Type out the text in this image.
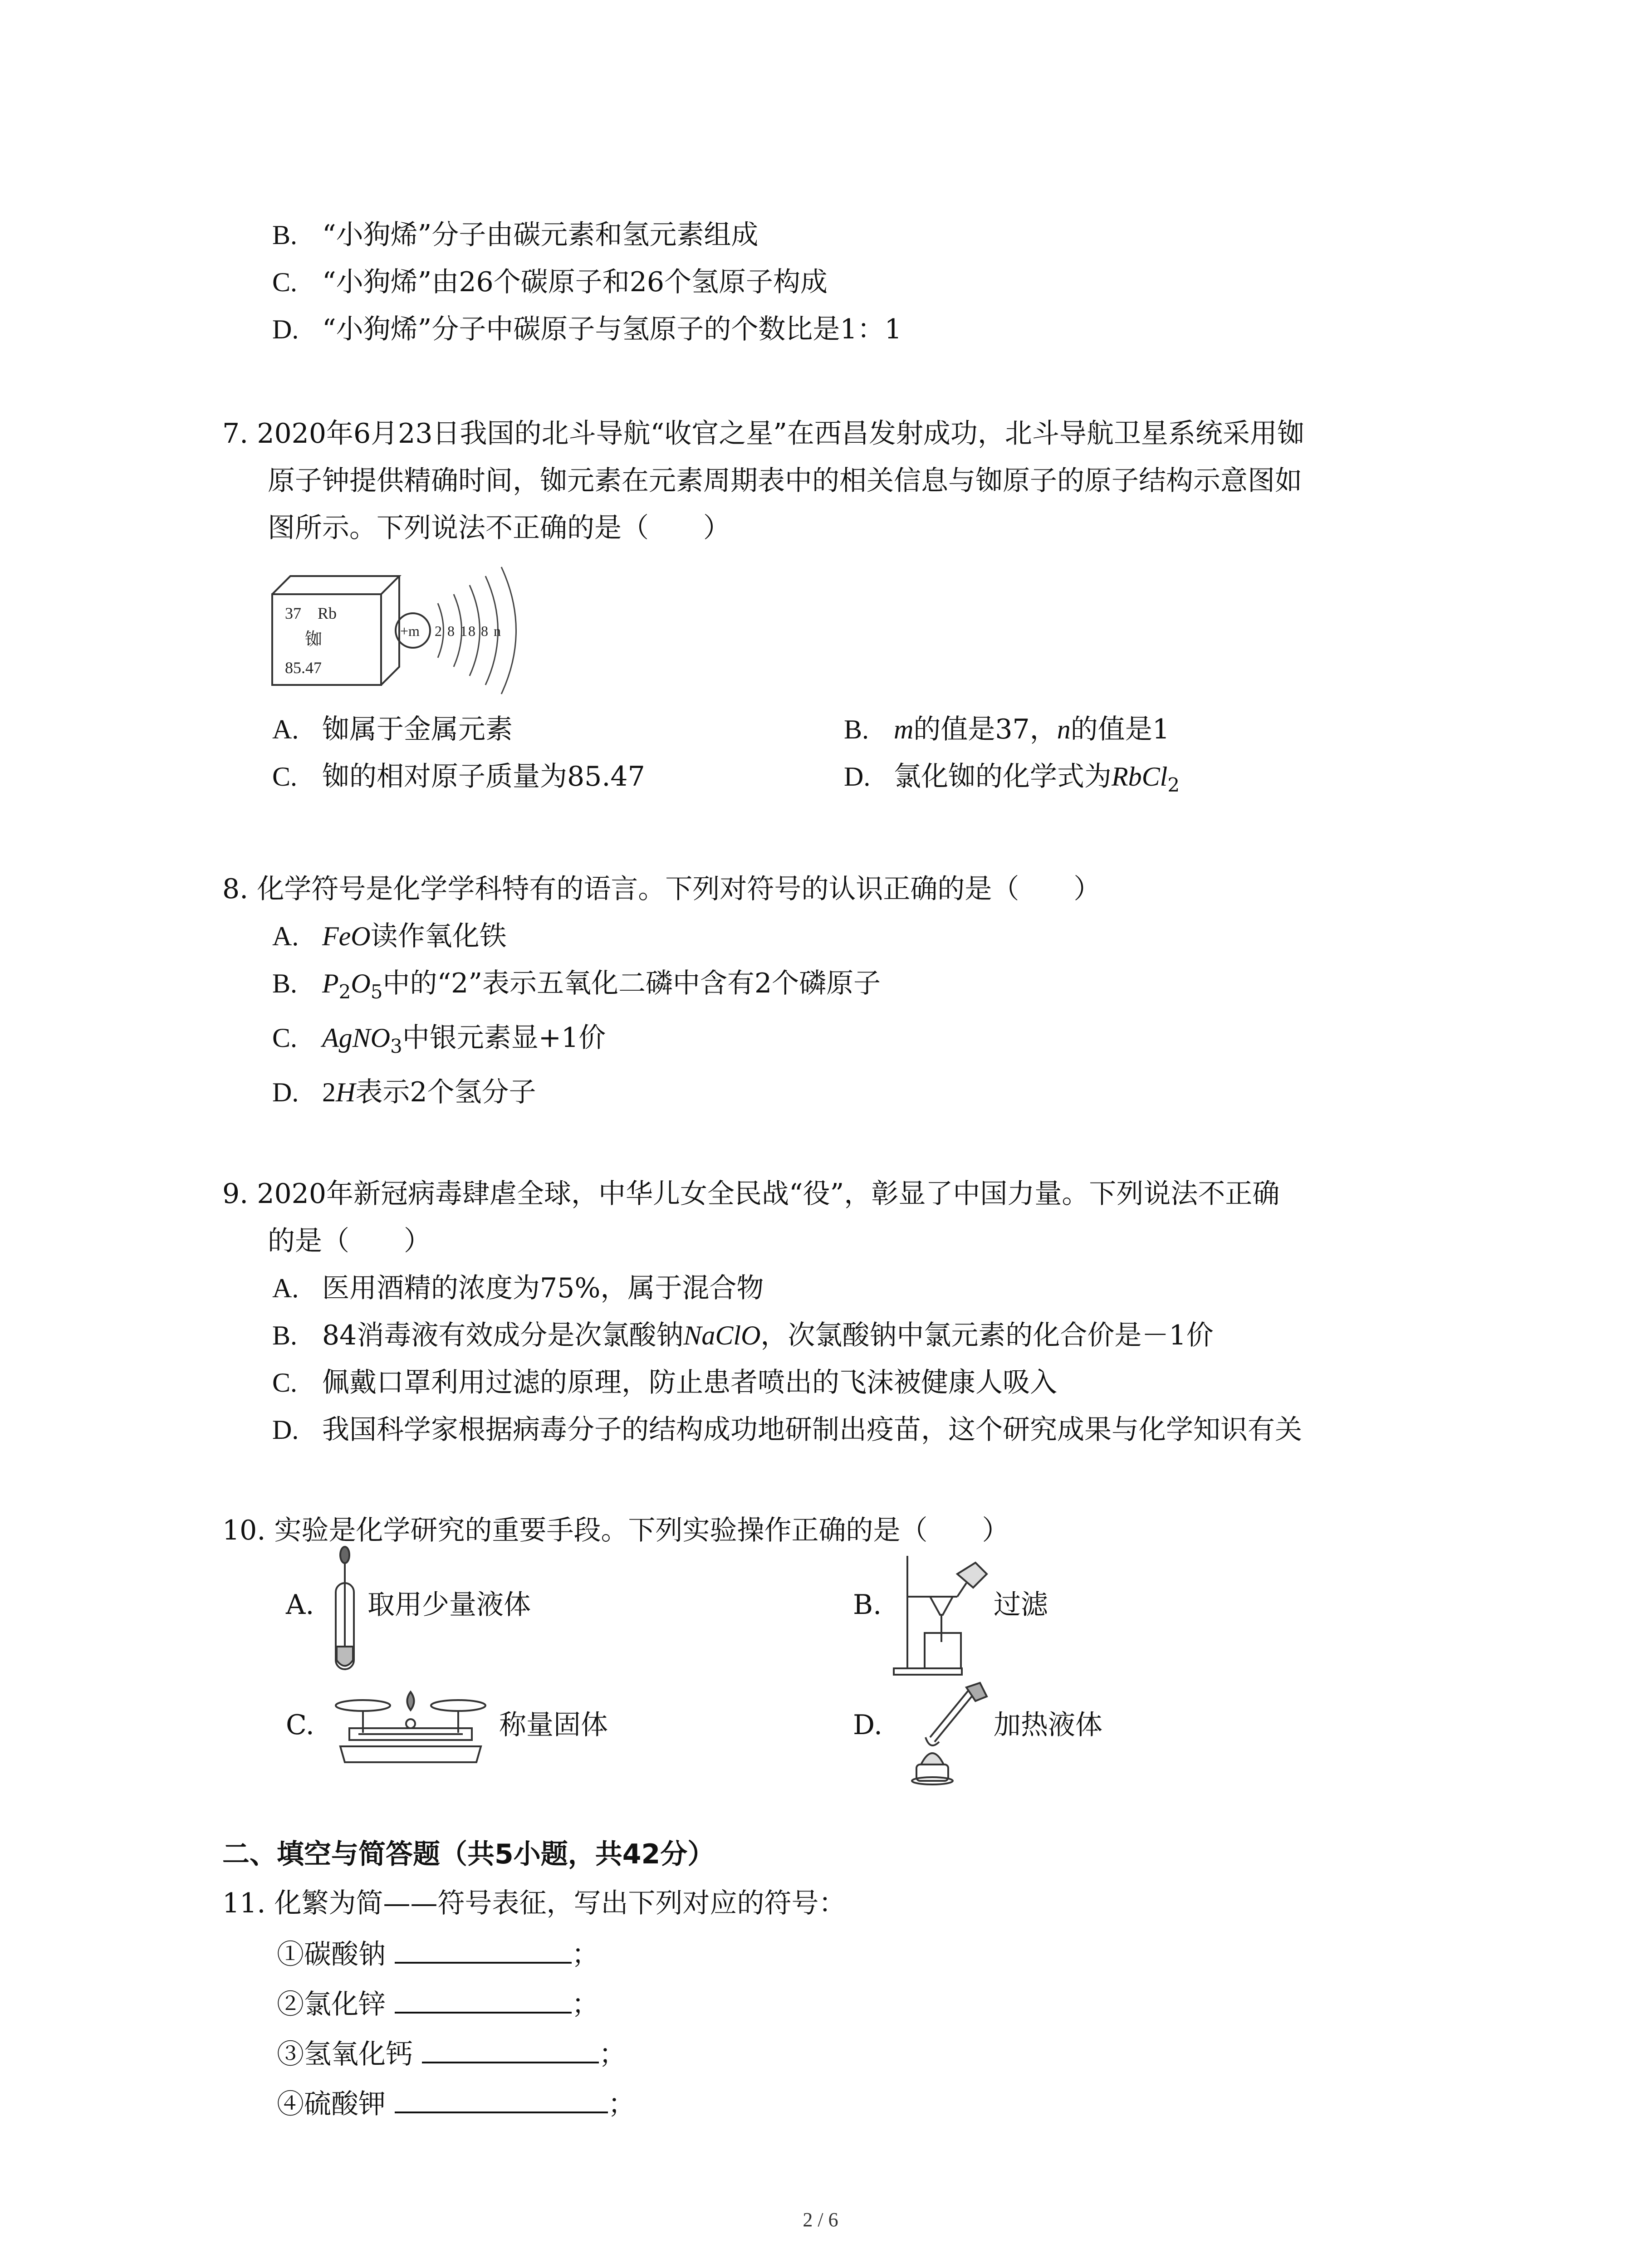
B. “小狗烯”分子由碳元素和氢元素组成
C. “小狗烯”由26个碳原子和26个氢原子构成
D. “小狗烯”分子中碳原子与氢原子的个数比是1：1
7. 2020年6月23日我国的北斗导航“收官之星”在西昌发射成功，北斗导航卫星系统采用铷
原子钟提供精确时间，铷元素在元素周期表中的相关信息与铷原子的原子结构示意图如
图所示。下列说法不正确的是（　　）
37 Rb
铷
85.47
+m 2 8 18 8 n
A. 铷属于金属元素	B. m的值是37，n的值是1
C. 铷的相对原子质量为85.47	D. 氯化铷的化学式为RbCl$_2$
8. 化学符号是化学学科特有的语言。下列对符号的认识正确的是（　　）
A. FeO读作氧化铁
B. $P_2O_5$中的“2”表示五氧化二磷中含有2个磷原子
C. AgNO$_3$中银元素显+1价
D. 2H表示2个氢分子
9. 2020年新冠病毒肆虐全球，中华儿女全民战“役”，彰显了中国力量。下列说法不正确
的是（　　）
A. 医用酒精的浓度为75%，属于混合物
B. 84消毒液有效成分是次氯酸钠NaClO，次氯酸钠中氯元素的化合价是－1价
C. 佩戴口罩利用过滤的原理，防止患者喷出的飞沫被健康人吸入
D. 我国科学家根据病毒分子的结构成功地研制出疫苗，这个研究成果与化学知识有关
10. 实验是化学研究的重要手段。下列实验操作正确的是（　　）
A. 取用少量液体	B.	过滤
C.	称量固体	D.	加热液体
二、填空与简答题（共5小题，共42分）
11. 化繁为简——符号表征，写出下列对应的符号：
①碳酸钠	；
②氯化锌	；
③氢氧化钙	；
④硫酸钾	；
2 / 6
